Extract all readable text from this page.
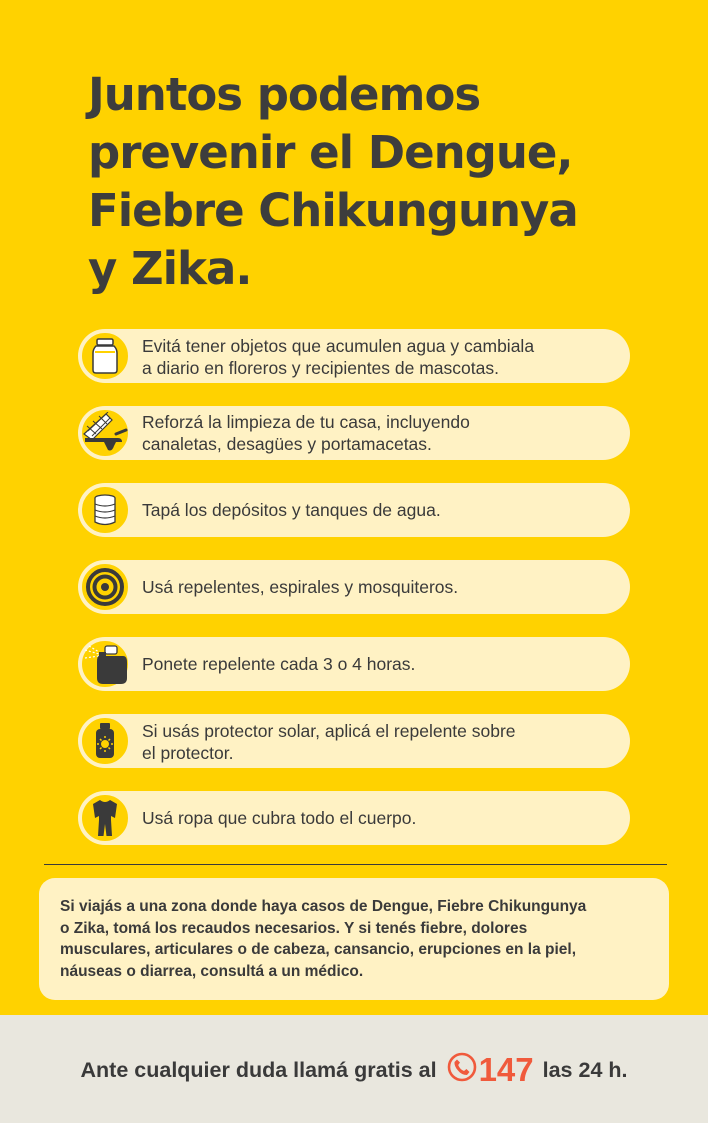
Juntos podemos
prevenir el Dengue,
Fiebre Chikungunya
y Zika.
Evitá tener objetos que acumulen agua y cambiala
a diario en floreros y recipientes de mascotas.
Reforzá la limpieza de tu casa, incluyendo
canaletas, desagües y portamacetas.
Tapá los depósitos y tanques de agua.
Usá repelentes, espirales y mosquiteros.
Ponete repelente cada 3 o 4 horas.
Si usás protector solar, aplicá el repelente sobre
el protector.
Usá ropa que cubra todo el cuerpo.
Si viajás a una zona donde haya casos de Dengue, Fiebre Chikungunya
o Zika, tomá los recaudos necesarios. Y si tenés fiebre, dolores
musculares, articulares o de cabeza, cansancio, erupciones en la piel,
náuseas o diarrea, consultá a un médico.
Ante cualquier duda llamá gratis al 147 las 24 h.
